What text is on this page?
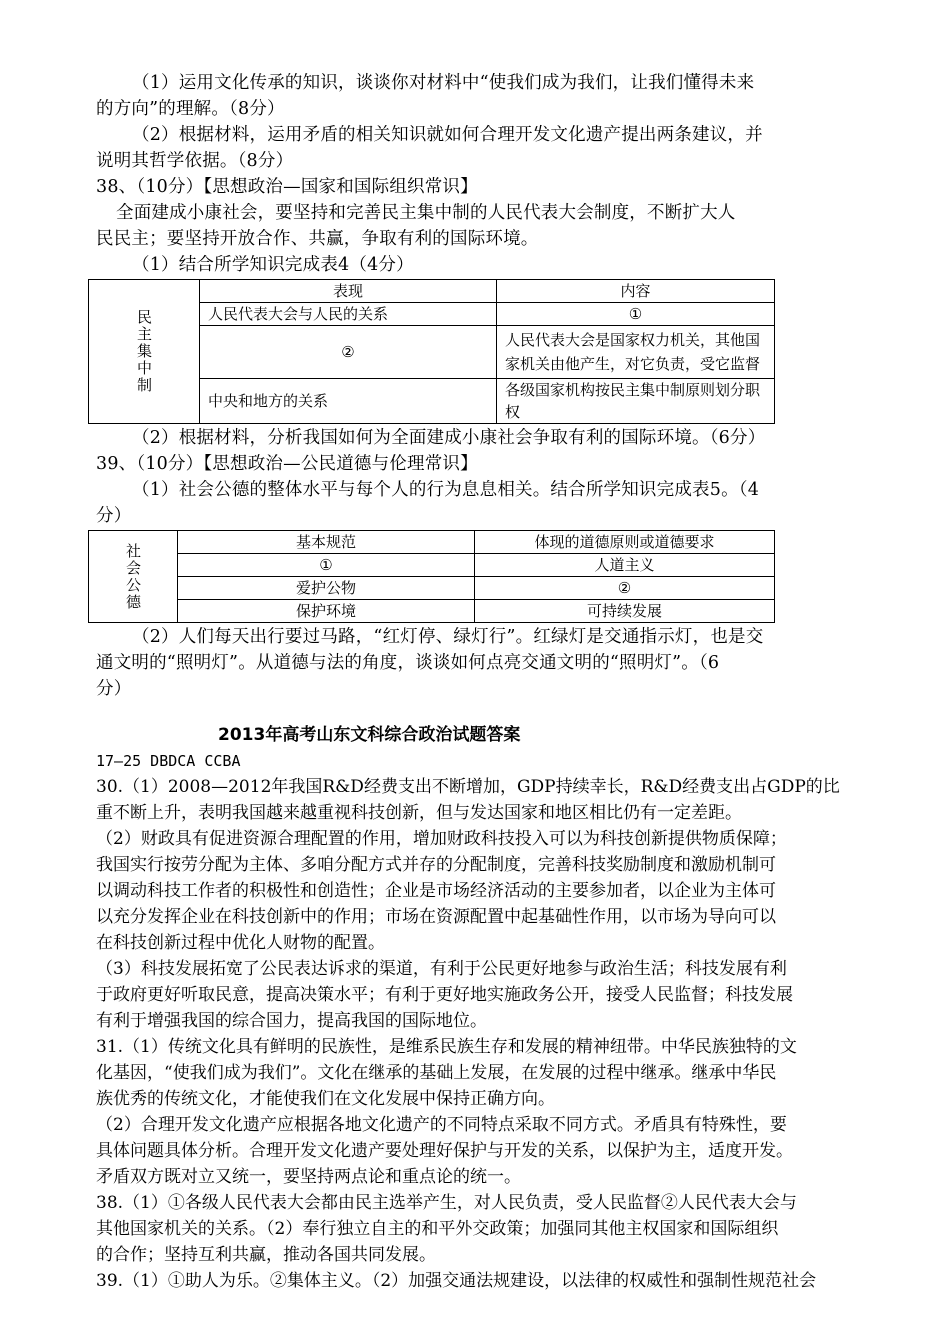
（1）运用文化传承的知识，谈谈你对材料中“使我们成为我们，让我们懂得未来
的方向”的理解。（8分）
（2）根据材料，运用矛盾的相关知识就如何合理开发文化遗产提出两条建议，并
说明其哲学依据。（8分）
38、（10分）【思想政治—国家和国际组织常识】
全面建成小康社会，要坚持和完善民主集中制的人民代表大会制度，不断扩大人
民民主；要坚持开放合作、共赢，争取有利的国际环境。
（1）结合所学知识完成表4（4分）
民主集中制	表现	内容
	人民代表大会与人民的关系	①
	②	人民代表大会是国家权力机关，其他国家机关由他产生，对它负责，受它监督
	中央和地方的关系	各级国家机构按民主集中制原则划分职权
（2）根据材料，分析我国如何为全面建成小康社会争取有利的国际环境。（6分）
39、（10分）【思想政治—公民道德与伦理常识】
（1）社会公德的整体水平与每个人的行为息息相关。结合所学知识完成表5。（4
分）
社会公德	基本规范	体现的道德原则或道德要求
	①	人道主义
	爱护公物	②
	保护环境	可持续发展
（2）人们每天出行要过马路，“红灯停、绿灯行”。红绿灯是交通指示灯，也是交
通文明的“照明灯”。从道德与法的角度，谈谈如何点亮交通文明的“照明灯”。（6
分）
2013年高考山东文科综合政治试题答案
17—25 DBDCA CCBA
30.（1）2008—2012年我国R&D经费支出不断增加，GDP持续幸长，R&D经费支出占GDP的比
重不断上升，表明我国越来越重视科技创新，但与发达国家和地区相比仍有一定差距。
（2）财政具有促进资源合理配置的作用，增加财政科技投入可以为科技创新提供物质保障；
我国实行按劳分配为主体、多咱分配方式并存的分配制度，完善科技奖励制度和激励机制可
以调动科技工作者的积极性和创造性；企业是市场经济活动的主要参加者，以企业为主体可
以充分发挥企业在科技创新中的作用；市场在资源配置中起基础性作用，以市场为导向可以
在科技创新过程中优化人财物的配置。
（3）科技发展拓宽了公民表达诉求的渠道，有利于公民更好地参与政治生活；科技发展有利
于政府更好听取民意，提高决策水平；有利于更好地实施政务公开，接受人民监督；科技发展
有利于增强我国的综合国力，提高我国的国际地位。
31.（1）传统文化具有鲜明的民族性，是维系民族生存和发展的精神纽带。中华民族独特的文
化基因，“使我们成为我们”。文化在继承的基础上发展，在发展的过程中继承。继承中华民
族优秀的传统文化，才能使我们在文化发展中保持正确方向。
（2）合理开发文化遗产应根据各地文化遗产的不同特点采取不同方式。矛盾具有特殊性，要
具体问题具体分析。合理开发文化遗产要处理好保护与开发的关系，以保护为主，适度开发。
矛盾双方既对立又统一，要坚持两点论和重点论的统一。
38.（1）①各级人民代表大会都由民主选举产生，对人民负责，受人民监督②人民代表大会与
其他国家机关的关系。（2）奉行独立自主的和平外交政策；加强同其他主权国家和国际组织
的合作；坚持互利共赢，推动各国共同发展。
39.（1）①助人为乐。②集体主义。（2）加强交通法规建设，以法律的权威性和强制性规范社会
